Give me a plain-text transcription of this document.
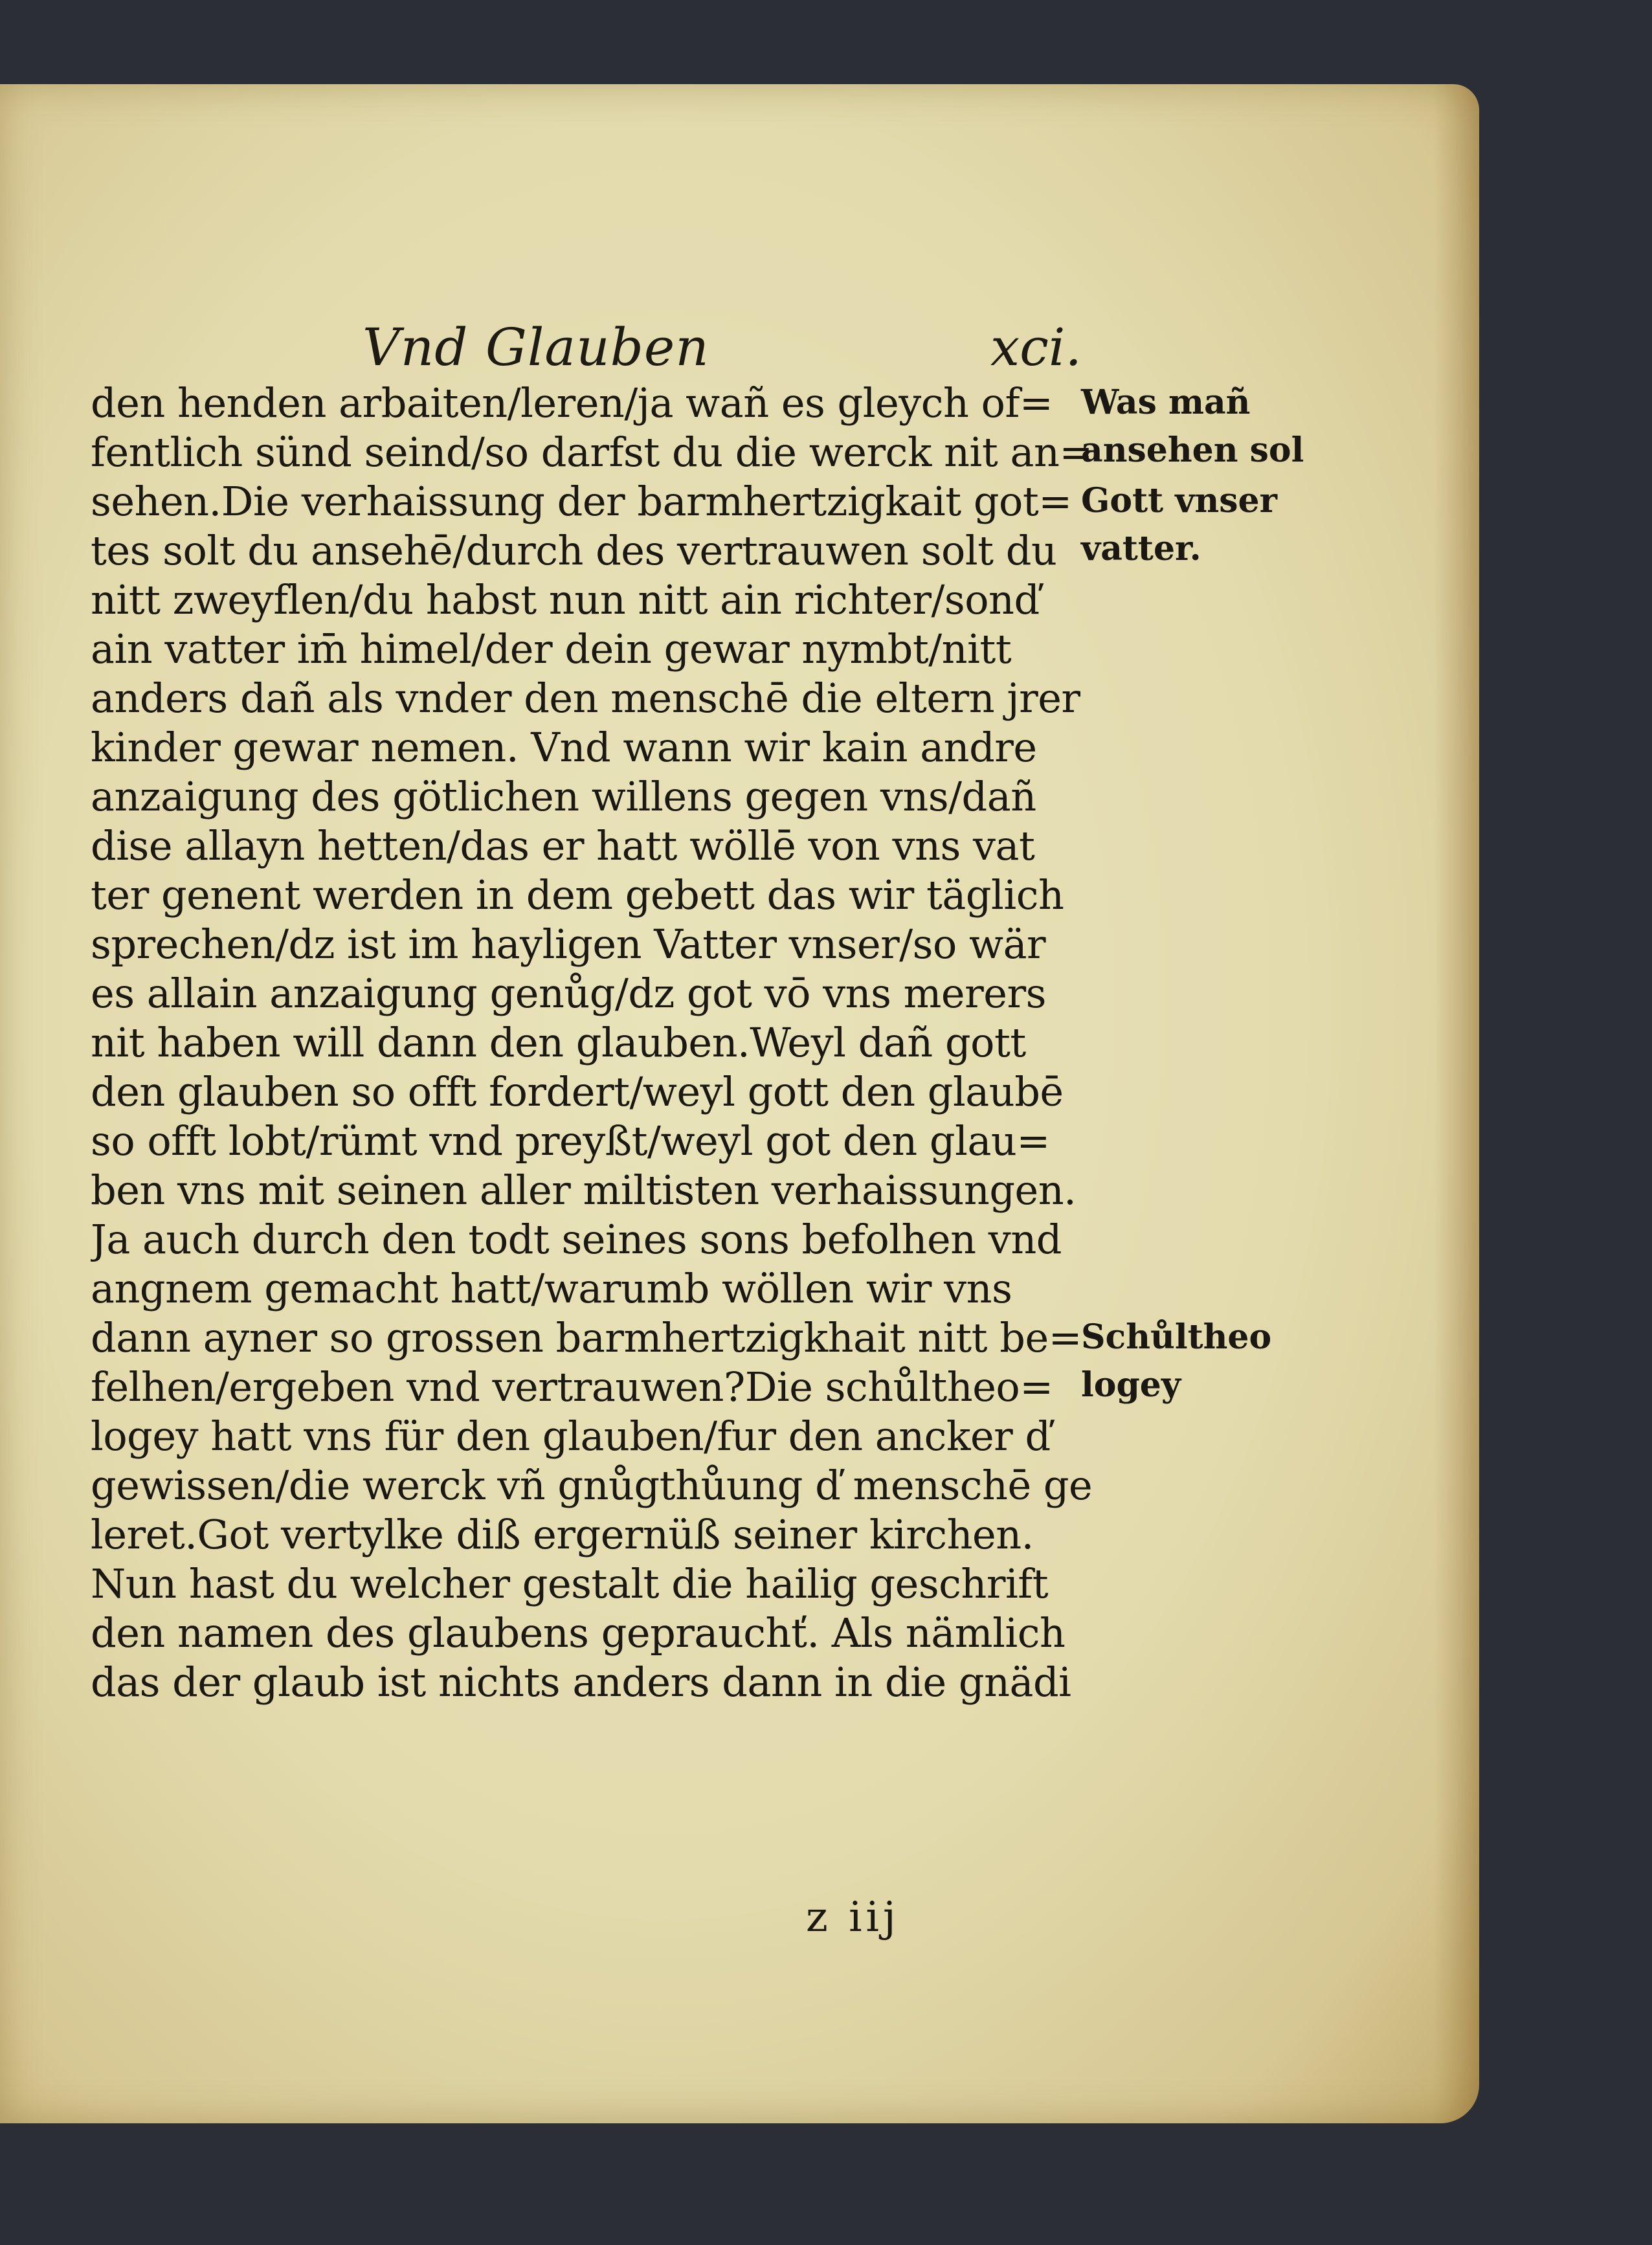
Vnd Glauben	xci.
den henden arbaiten/leren/ja wañ es gleych of=
fentlich sünd seind/so darfst du die werck nit an=
sehen.Die verhaissung der barmhertzigkait got=
tes solt du ansehē/durch des vertrauwen solt du
nitt zweyflen/du habst nun nitt ain richter/sonď
ain vatter im̄ himel/der dein gewar nymbt/nitt
anders dañ als vnder den menschē die eltern jrer
kinder gewar nemen. Vnd wann wir kain andre
anzaigung des götlichen willens gegen vns/dañ
dise allayn hetten/das er hatt wöllē von vns vat
ter genent werden in dem gebett das wir täglich
sprechen/dz ist im hayligen Vatter vnser/so wär
es allain anzaigung genůg/dz got vō vns merers
nit haben will dann den glauben.Weyl dañ gott
den glauben so offt fordert/weyl gott den glaubē
so offt lobt/rümt vnd preyßt/weyl got den glau=
ben vns mit seinen aller miltisten verhaissungen.
Ja auch durch den todt seines sons befolhen vnd
angnem gemacht hatt/warumb wöllen wir vns
dann ayner so grossen barmhertzigkhait nitt be=
felhen/ergeben vnd vertrauwen?Die schůltheo=
logey hatt vns für den glauben/fur den ancker ď
gewissen/die werck vñ gnůgthůung ď menschē ge
leret.Got vertylke diß ergernüß seiner kirchen.
Nun hast du welcher gestalt die hailig geschrift
den namen des glaubens geprauchť. Als nämlich
das der glaub ist nichts anders dann in die gnädi
Was mañ
ansehen sol
Gott vnser
vatter.
Schůltheo
logey
z iij
